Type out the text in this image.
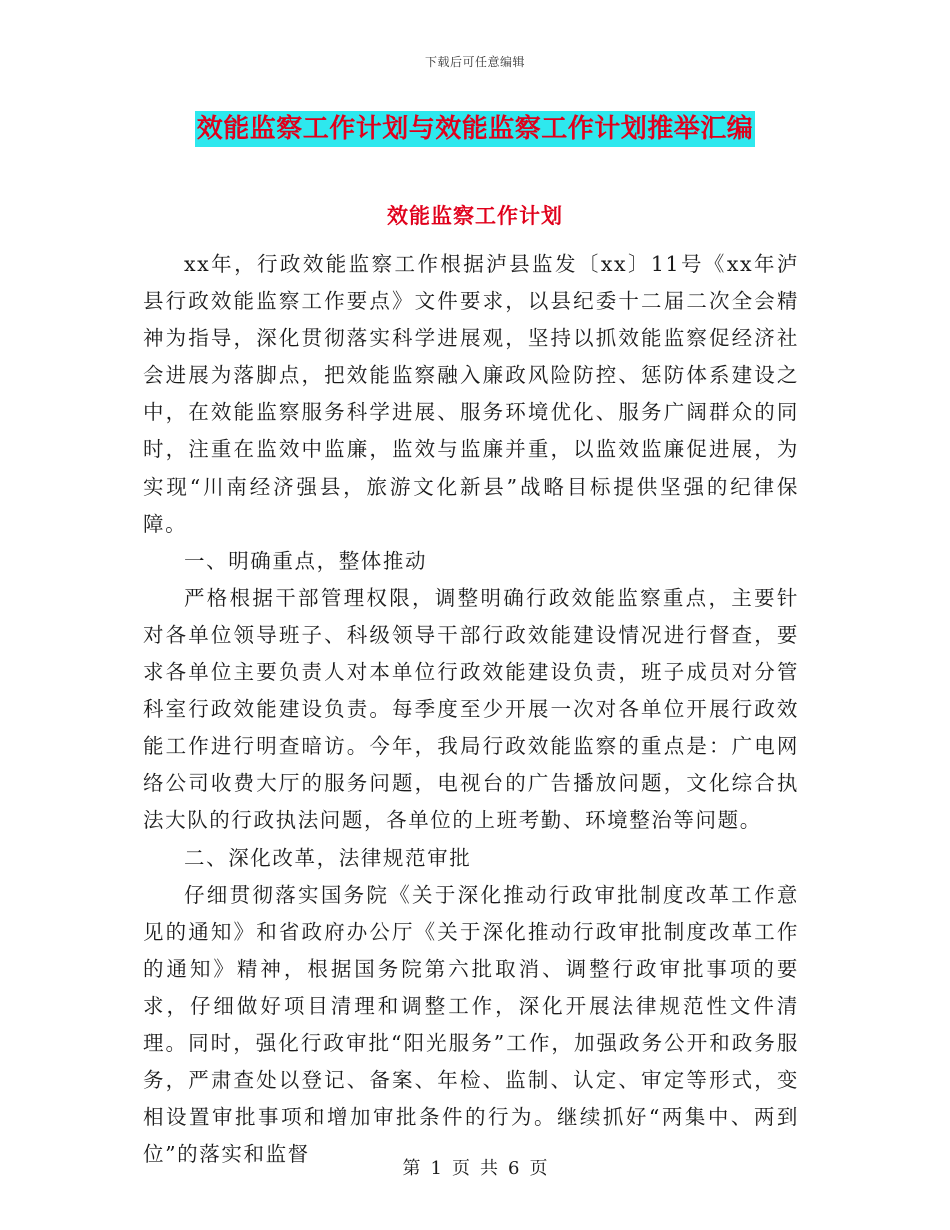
下载后可任意编辑
效能监察工作计划与效能监察工作计划推举汇编
效能监察工作计划

xx年，行政效能监察工作根据泸县监发〔xx〕11号《xx年泸县行政效能监察工作要点》文件要求，以县纪委十二届二次全会精神为指导，深化贯彻落实科学进展观，坚持以抓效能监察促经济社会进展为落脚点，把效能监察融入廉政风险防控、惩防体系建设之中，在效能监察服务科学进展、服务环境优化、服务广阔群众的同时，注重在监效中监廉，监效与监廉并重，以监效监廉促进展，为实现“川南经济强县，旅游文化新县”战略目标提供坚强的纪律保障。

一、明确重点，整体推动

严格根据干部管理权限，调整明确行政效能监察重点，主要针对各单位领导班子、科级领导干部行政效能建设情况进行督查，要求各单位主要负责人对本单位行政效能建设负责，班子成员对分管科室行政效能建设负责。每季度至少开展一次对各单位开展行政效能工作进行明查暗访。今年，我局行政效能监察的重点是：广电网络公司收费大厅的服务问题，电视台的广告播放问题，文化综合执法大队的行政执法问题，各单位的上班考勤、环境整治等问题。

二、深化改革，法律规范审批

仔细贯彻落实国务院《关于深化推动行政审批制度改革工作意见的通知》和省政府办公厅《关于深化推动行政审批制度改革工作的通知》精神，根据国务院第六批取消、调整行政审批事项的要求，仔细做好项目清理和调整工作，深化开展法律规范性文件清理。同时，强化行政审批“阳光服务”工作，加强政务公开和政务服务，严肃查处以登记、备案、年检、监制、认定、审定等形式，变相设置审批事项和增加审批条件的行为。继续抓好“两集中、两到位”的落实和监督

第 1 页 共 6 页
